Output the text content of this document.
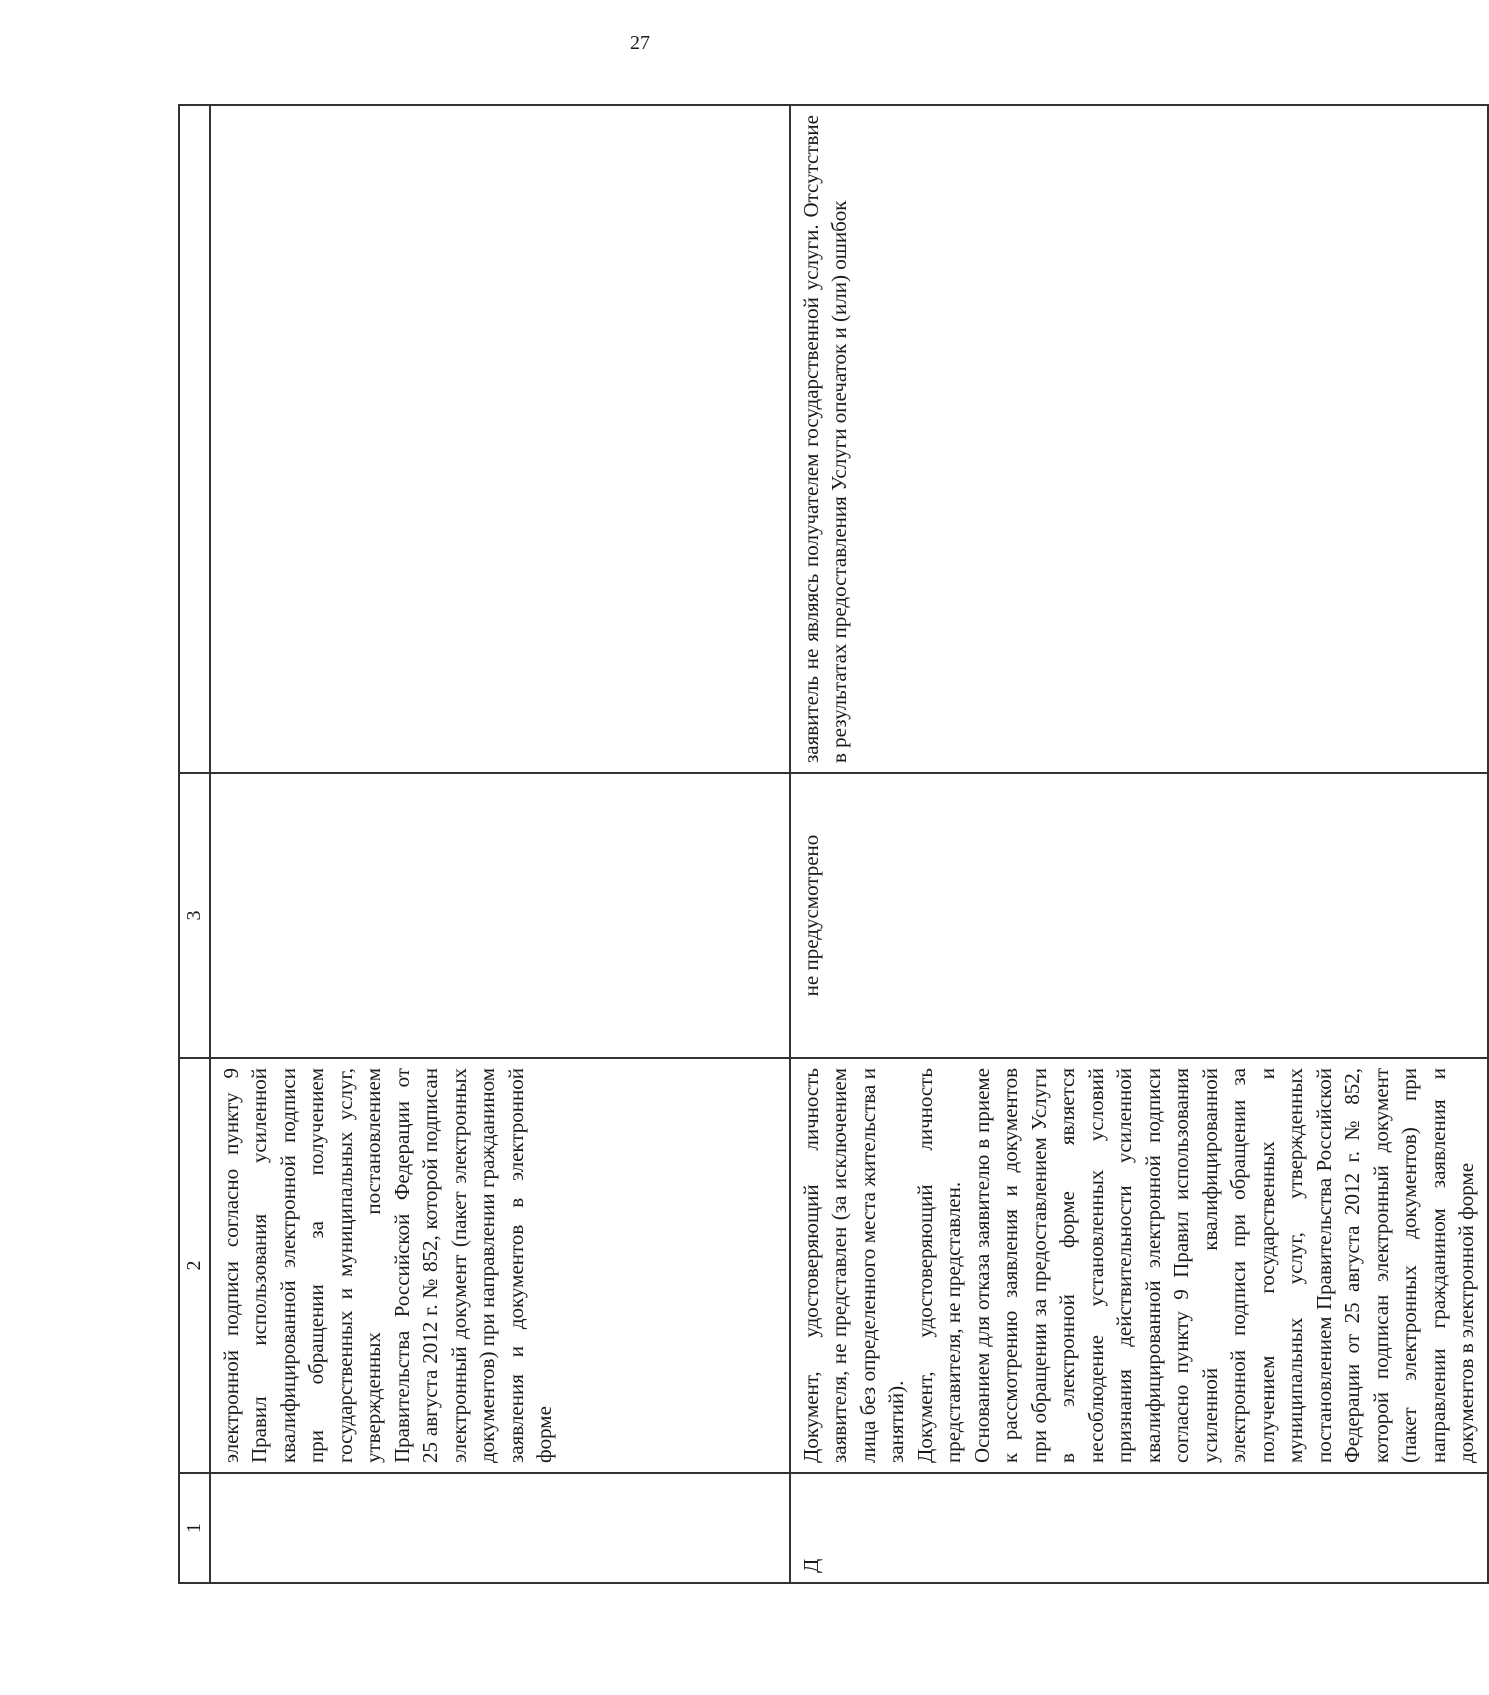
27
1	2	3	
	электронной подписи согласно пункту 9 Правил использования усиленной квалифицированной электронной подписи при обращении за получением государственных и муниципальных услуг, утвержденных постановлением Правительства Российской Федерации от 25 августа 2012 г. № 852, которой подписан электронный документ (пакет электронных документов) при направлении гражданином заявления и документов в электронной форме		
Д	Документ, удостоверяющий личность заявителя, не представлен (за исключением лица без определенного места жительства и занятий). Документ, удостоверяющий личность представителя, не представлен. Основанием для отказа заявителю в приеме к рассмотрению заявления и документов при обращении за предоставлением Услуги в электронной форме является несоблюдение установленных условий признания действительности усиленной квалифицированной электронной подписи согласно пункту 9 Правил использования усиленной квалифицированной электронной подписи при обращении за получением государственных и муниципальных услуг, утвержденных постановлением Правительства Российской Федерации от 25 августа 2012 г. № 852, которой подписан электронный документ (пакет электронных документов) при направлении гражданином заявления и документов в электронной форме	не предусмотрено	заявитель не являясь получателем государственной услуги. Отсутствие в результатах предоставления Услуги опечаток и (или) ошибок
